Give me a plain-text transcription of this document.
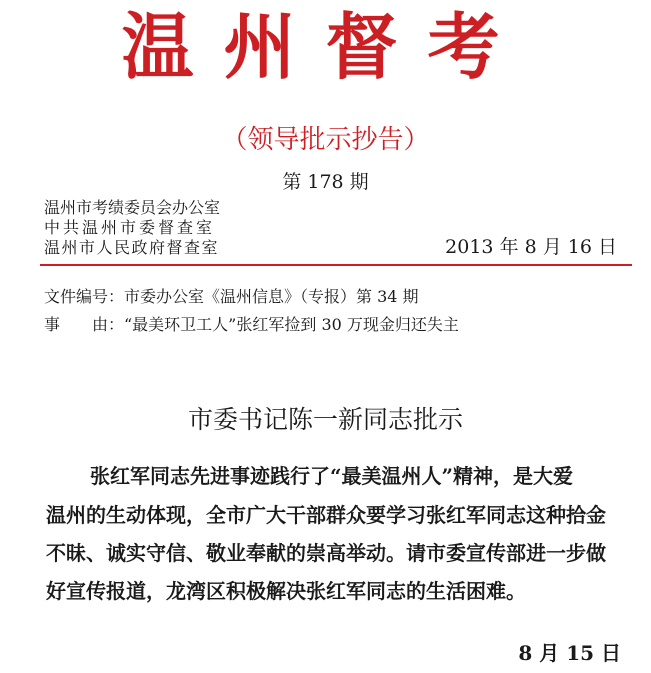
温州督考
（领导批示抄告）
第 178 期
温州市考绩委员会办公室
中共温州市委督查室
温州市人民政府督查室	2013 年 8 月 16 日
文件编号：市委办公室《温州信息》（专报）第 34 期
事　　由：“最美环卫工人”张红军捡到 30 万现金归还失主
市委书记陈一新同志批示
张红军同志先进事迹践行了“最美温州人”精神，是大爱
温州的生动体现，全市广大干部群众要学习张红军同志这种拾金
不昧、诚实守信、敬业奉献的崇高举动。请市委宣传部进一步做
好宣传报道，龙湾区积极解决张红军同志的生活困难。
8 月 15 日
